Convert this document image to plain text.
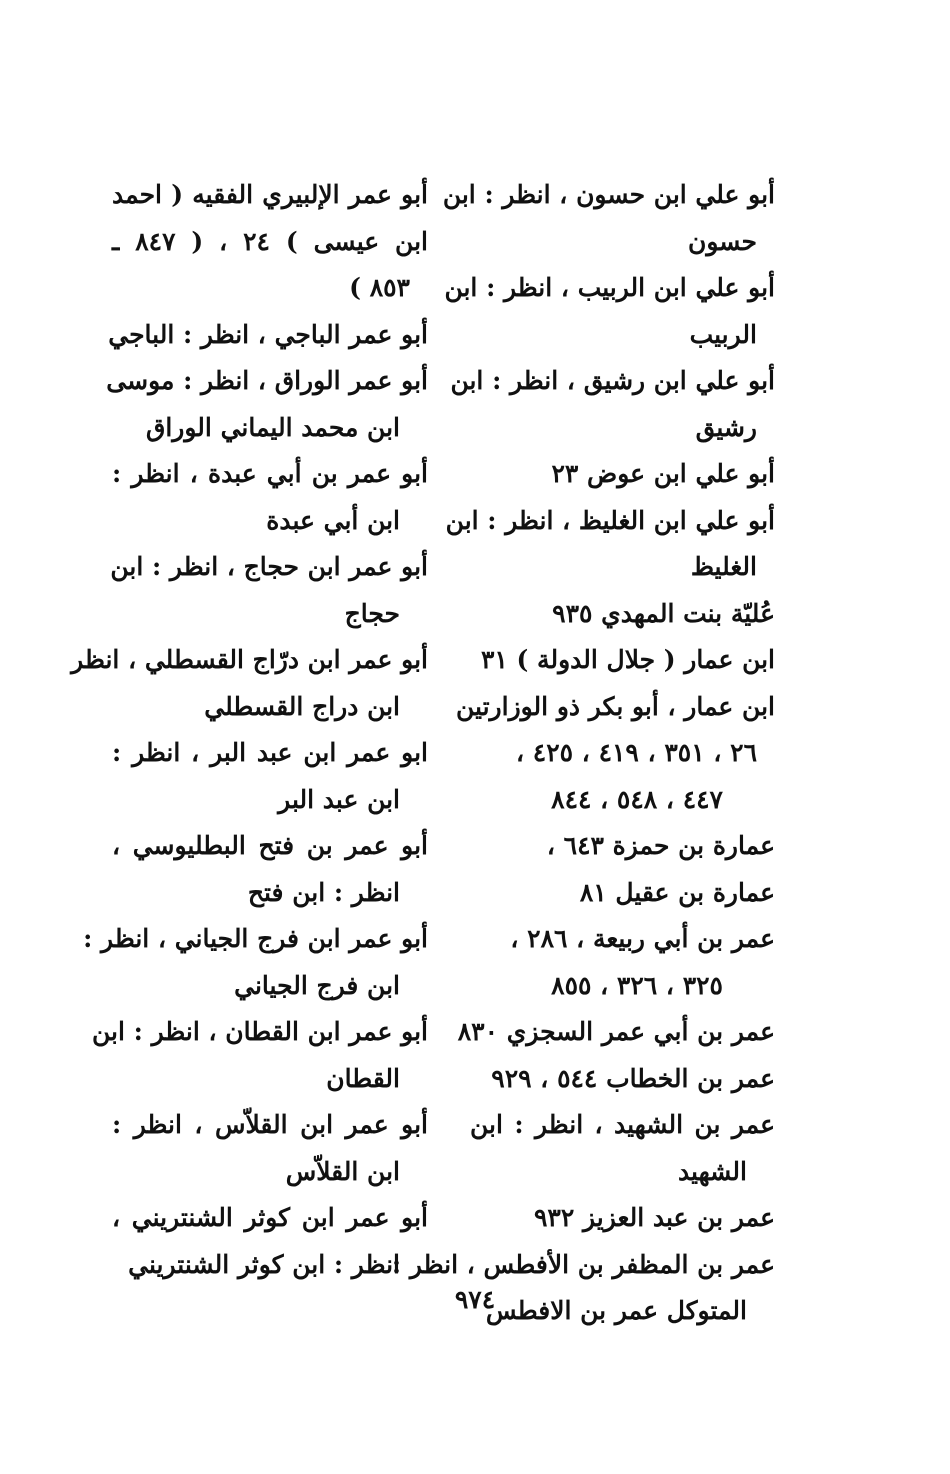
أبو علي ابن حسون ، انظر : ابن
حسون
أبو علي ابن الربيب ، انظر : ابن
الربيب
أبو علي ابن رشيق ، انظر : ابن
رشيق
أبو علي ابن عوض ٢٣
أبو علي ابن الغليظ ، انظر : ابن
الغليظ
عُليّة بنت المهدي ٩٣٥
ابن عمار ( جلال الدولة ) ٣١
ابن عمار ، أبو بكر ذو الوزارتين
٢٦ ، ٣٥١ ، ٤١٩ ، ٤٢٥ ،
٤٤٧ ، ٥٤٨ ، ٨٤٤
عمارة بن حمزة ٦٤٣ ،
عمارة بن عقيل ٨١
عمر بن أبي ربيعة ، ٢٨٦ ،
٣٢٥ ، ٣٢٦ ، ٨٥٥
عمر بن أبي عمر السجزي ٨٣٠
عمر بن الخطاب ٥٤٤ ، ٩٢٩
عمر بن الشهيد ، انظر : ابن
الشهيد
عمر بن عبد العزيز ٩٣٢
عمر بن المظفر بن الأفطس ، انظر :
المتوكل عمر بن الافطس
أبو عمر الإلبيري الفقيه ( احمد
ابن عيسى ) ٢٤ ، ( ٨٤٧ ـ
٨٥٣ )
أبو عمر الباجي ، انظر : الباجي
أبو عمر الوراق ، انظر : موسى
ابن محمد اليماني الوراق
أبو عمر بن أبي عبدة ، انظر :
ابن أبي عبدة
أبو عمر ابن حجاج ، انظر : ابن
حجاج
أبو عمر ابن درّاج القسطلي ، انظر
ابن دراج القسطلي
ابو عمر ابن عبد البر ، انظر :
ابن عبد البر
أبو عمر بن فتح البطليوسي ،
انظر : ابن فتح
أبو عمر ابن فرج الجياني ، انظر :
ابن فرج الجياني
أبو عمر ابن القطان ، انظر : ابن
القطان
أبو عمر ابن القلاّس ، انظر :
ابن القلاّس
أبو عمر ابن كوثر الشنتريني ،
انظر : ابن كوثر الشنتريني
٩٧٤
